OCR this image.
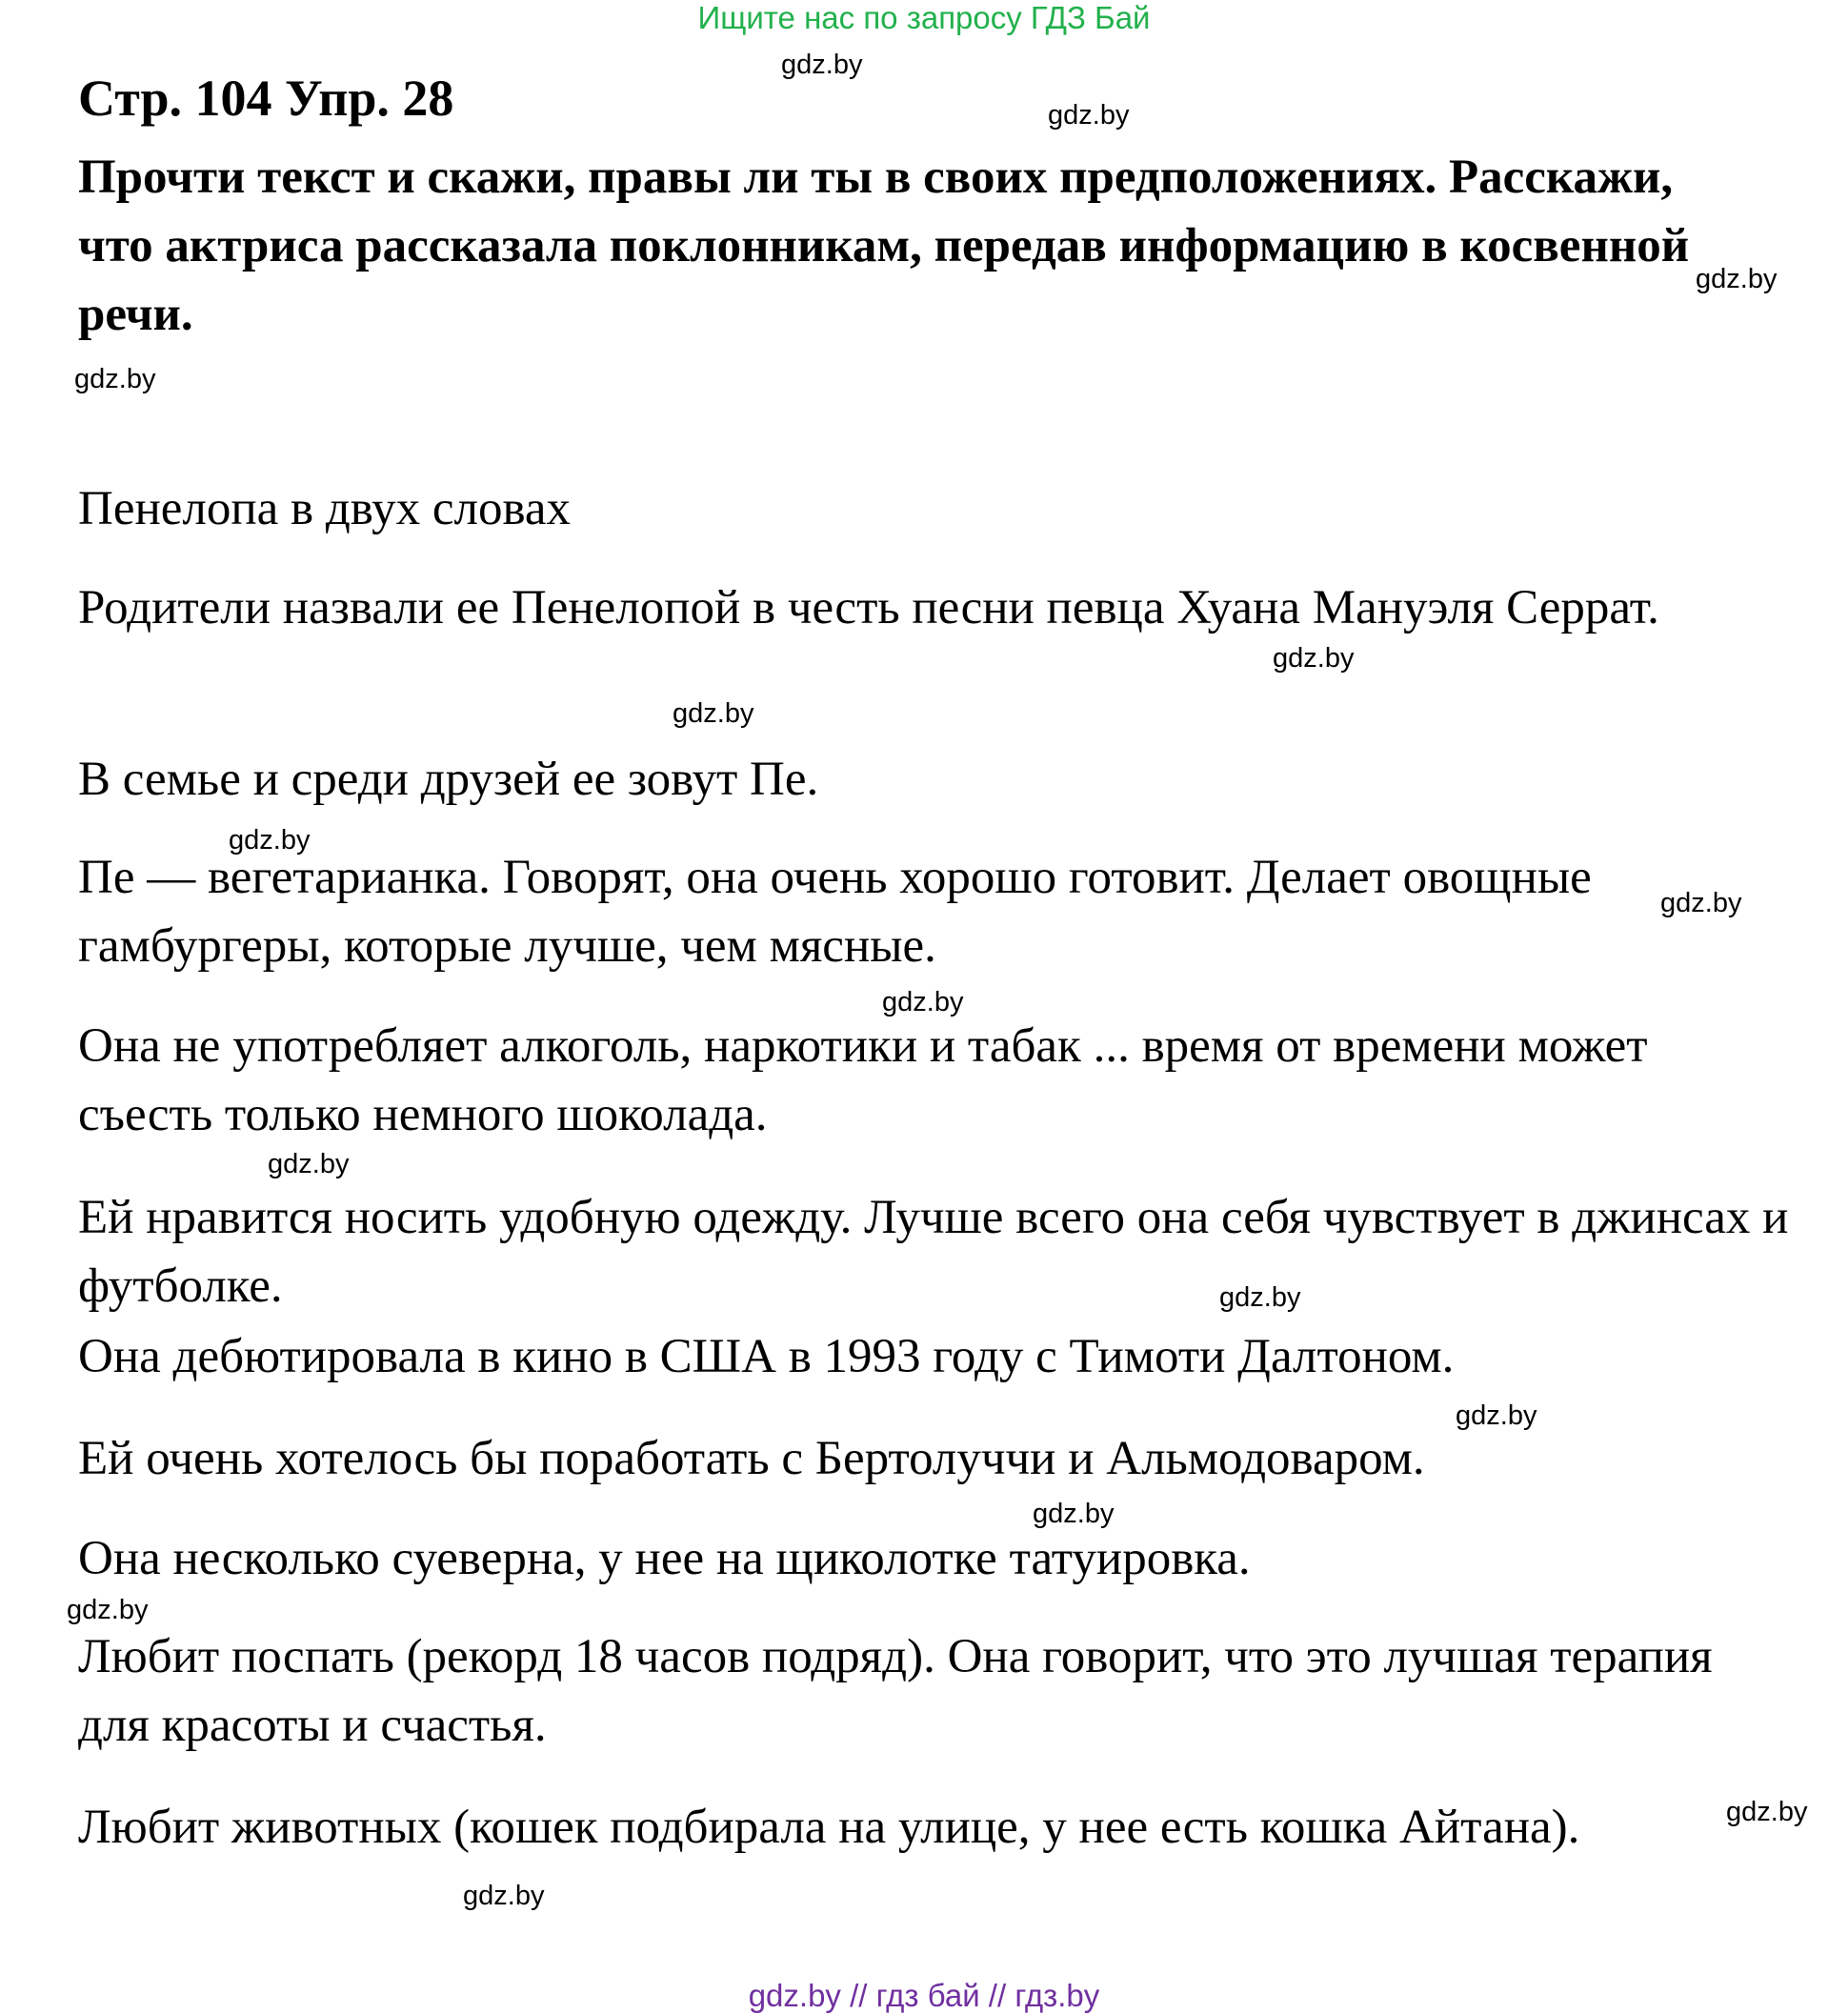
Ищите нас по запросу ГДЗ Бай
Стр. 104 Упр. 28
Прочти текст и скажи, правы ли ты в своих предположениях. Расскажи, что актриса рассказала поклонникам, передав информацию в косвенной речи.
Пенелопа в двух словах
Родители назвали ее Пенелопой в честь песни певца Хуана Мануэля Серрат.
В семье и среди друзей ее зовут Пе.
Пе — вегетарианка. Говорят, она очень хорошо готовит. Делает овощные гамбургеры, которые лучше, чем мясные.
Она не употребляет алкоголь, наркотики и табак ... время от времени может съесть только немного шоколада.
Ей нравится носить удобную одежду. Лучше всего она себя чувствует в джинсах и футболке.
Она дебютировала в кино в США в 1993 году с Тимоти Далтоном.
Ей очень хотелось бы поработать с Бертолуччи и Альмодоваром.
Она несколько суеверна, у нее на щиколотке татуировка.
Любит поспать (рекорд 18 часов подряд). Она говорит, что это лучшая терапия для красоты и счастья.
Любит животных (кошек подбирала на улице, у нее есть кошка Айтана).
gdz.by
gdz.by
gdz.by
gdz.by
gdz.by
gdz.by
gdz.by
gdz.by
gdz.by
gdz.by
gdz.by
gdz.by
gdz.by
gdz.by
gdz.by
gdz.by
gdz.by // гдз бай // гдз.by
